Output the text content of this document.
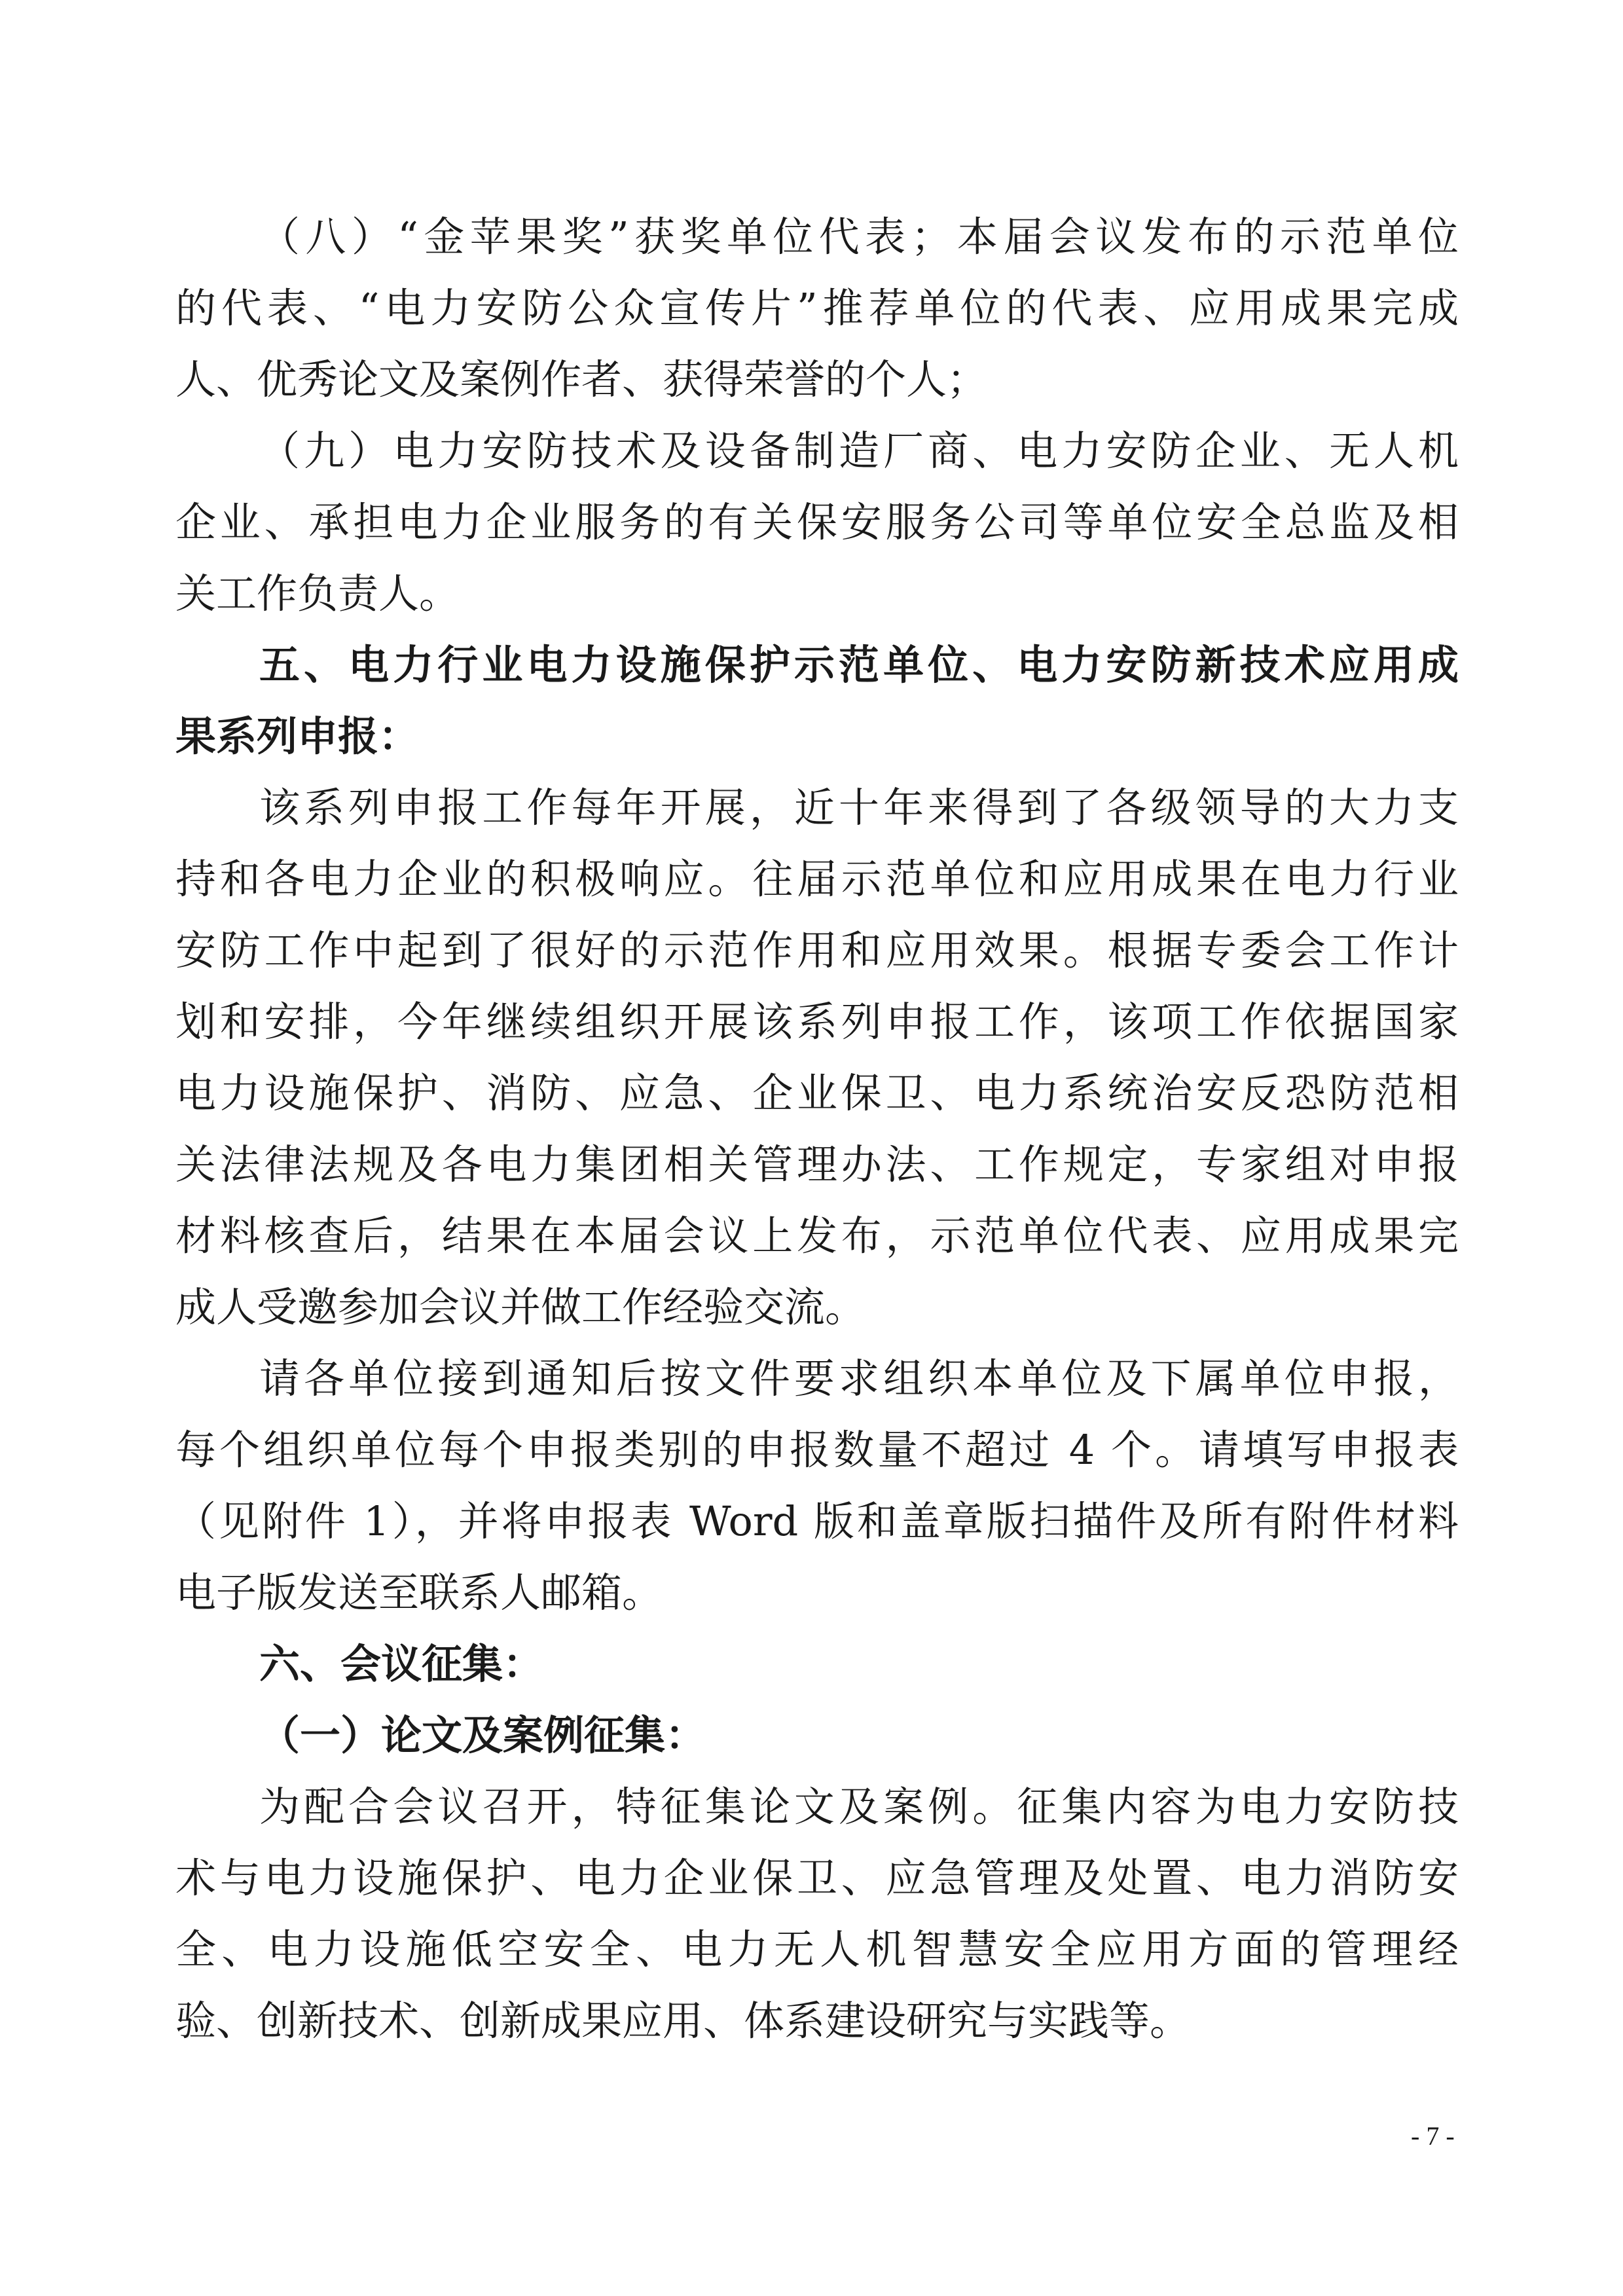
（八）“金苹果奖”获奖单位代表；本届会议发布的示范单位
的代表、“电力安防公众宣传片”推荐单位的代表、应用成果完成
人、优秀论文及案例作者、获得荣誉的个人；
（九）电力安防技术及设备制造厂商、电力安防企业、无人机
企业、承担电力企业服务的有关保安服务公司等单位安全总监及相
关工作负责人。
五、电力行业电力设施保护示范单位、电力安防新技术应用成
果系列申报：
该系列申报工作每年开展，近十年来得到了各级领导的大力支
持和各电力企业的积极响应。往届示范单位和应用成果在电力行业
安防工作中起到了很好的示范作用和应用效果。根据专委会工作计
划和安排，今年继续组织开展该系列申报工作，该项工作依据国家
电力设施保护、消防、应急、企业保卫、电力系统治安反恐防范相
关法律法规及各电力集团相关管理办法、工作规定，专家组对申报
材料核查后，结果在本届会议上发布，示范单位代表、应用成果完
成人受邀参加会议并做工作经验交流。
请各单位接到通知后按文件要求组织本单位及下属单位申报，
每个组织单位每个申报类别的申报数量不超过 4 个。请填写申报表
（见附件 1），并将申报表 Word 版和盖章版扫描件及所有附件材料
电子版发送至联系人邮箱。
六、会议征集：
（一）论文及案例征集：
为配合会议召开，特征集论文及案例。征集内容为电力安防技
术与电力设施保护、电力企业保卫、应急管理及处置、电力消防安
全、电力设施低空安全、电力无人机智慧安全应用方面的管理经
验、创新技术、创新成果应用、体系建设研究与实践等。
- 7 -
